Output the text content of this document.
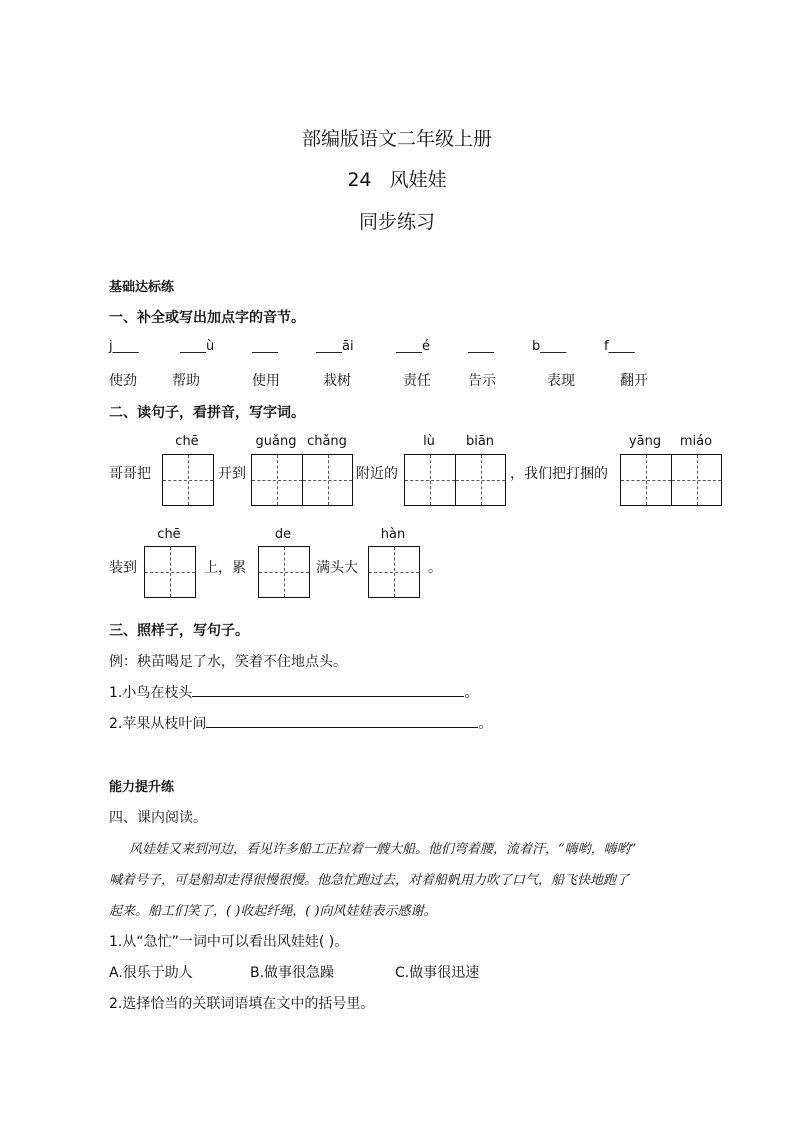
部编版语文二年级上册
24 风娃娃
同步练习
基础达标练
一、补全或写出加点字的音节。
j____	____ù	____	____āi	____é	____	b____	f____
使劲	帮助	使用	栽树	责任	告示	表现	翻开
二、读句子，看拼音，写字词。
chē	guǎng chǎng	lù	biān	yāng	miáo
哥哥把	开到	附近的	，我们把打捆的
chē	de	hàn
装到	上，累	满头大	。
三、照样子，写句子。
例：秧苗喝足了水，笑着不住地点头。
1.小鸟在枝头	。
2.苹果从枝叶间	。
能力提升练
四、课内阅读。
风娃娃又来到河边，看见许多船工正拉着一艘大船。他们弯着腰，流着汗，“嗨哟，嗨哟”
喊着号子，可是船却走得很慢很慢。他急忙跑过去，对着船帆用力吹了口气，船飞快地跑了
起来。船工们笑了，( )收起纤绳，( )向风娃娃表示感谢。
1.从“急忙”一词中可以看出风娃娃( )。
A.很乐于助人	B.做事很急躁	C.做事很迅速
2.选择恰当的关联词语填在文中的括号里。
